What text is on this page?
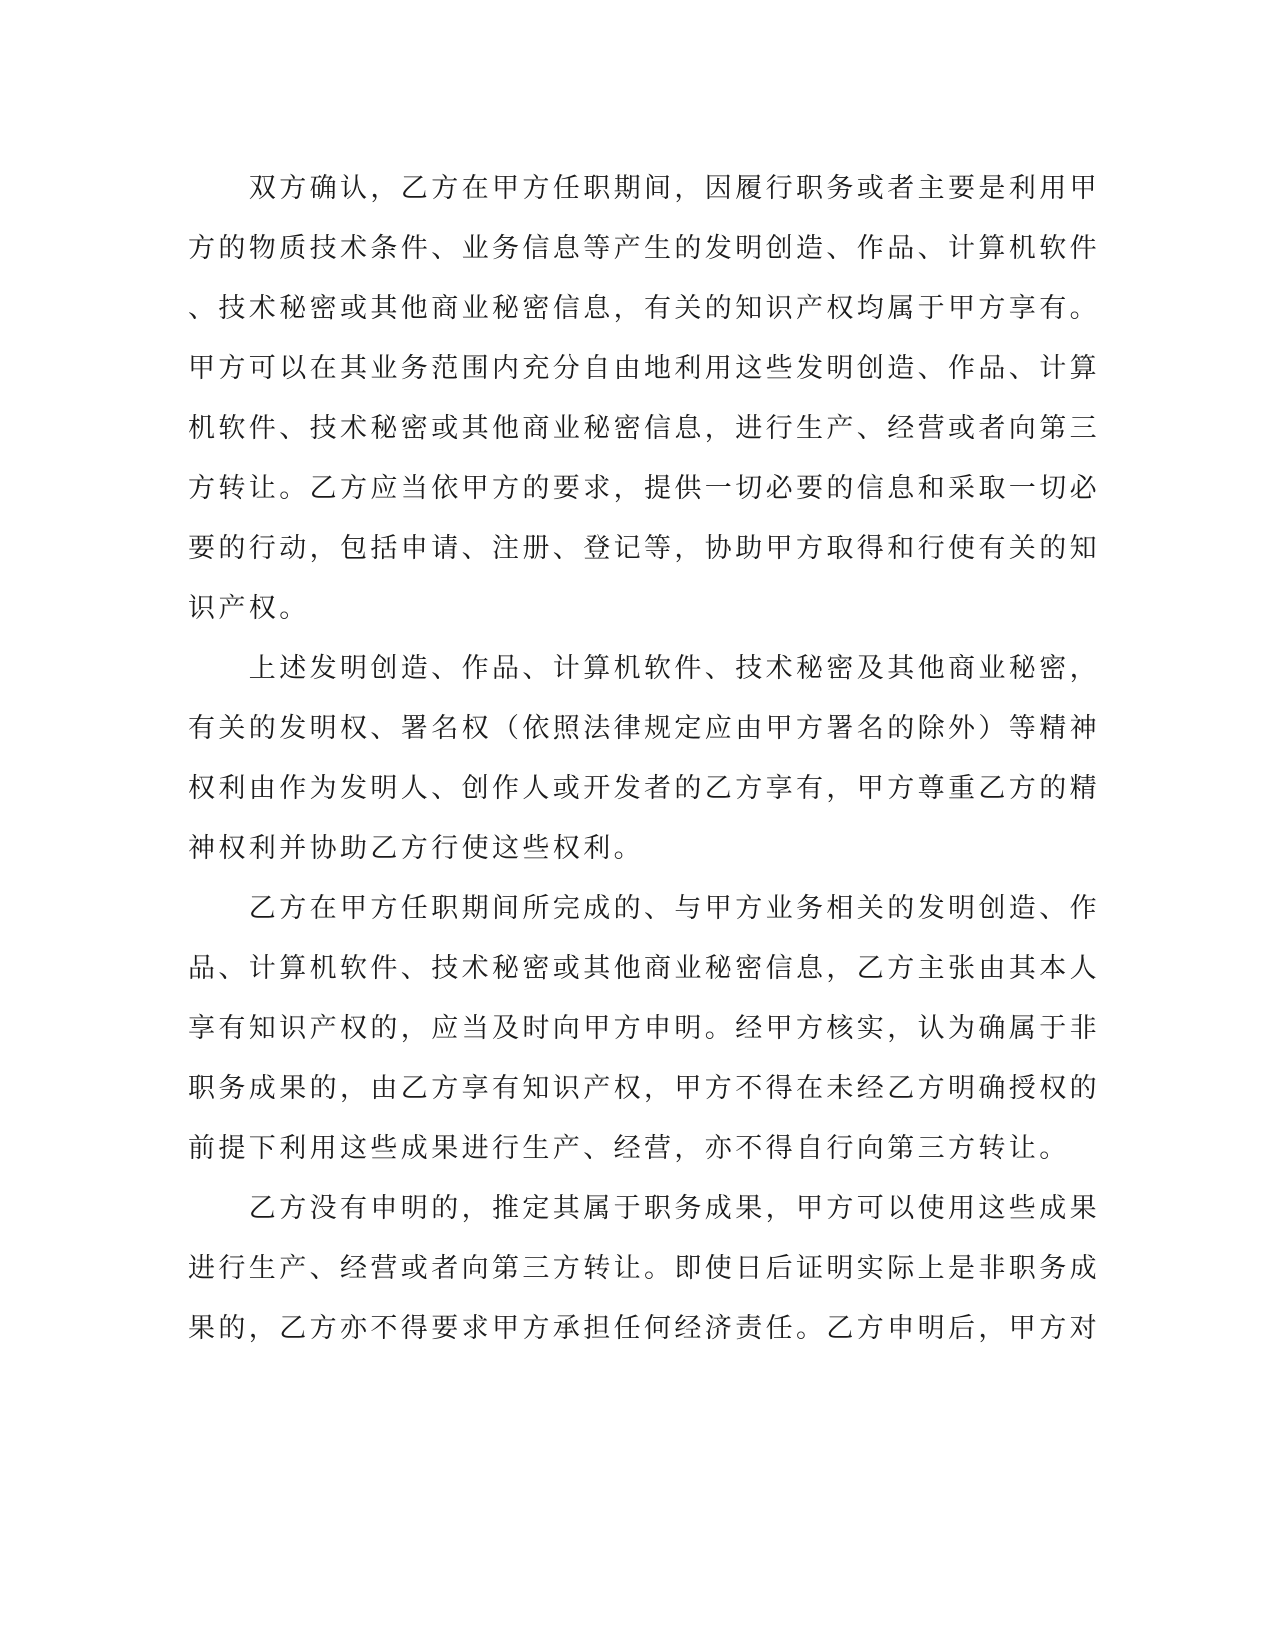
　　双方确认，乙方在甲方任职期间，因履行职务或者主要是利用甲
方的物质技术条件、业务信息等产生的发明创造、作品、计算机软件
、技术秘密或其他商业秘密信息，有关的知识产权均属于甲方享有。
甲方可以在其业务范围内充分自由地利用这些发明创造、作品、计算
机软件、技术秘密或其他商业秘密信息，进行生产、经营或者向第三
方转让。乙方应当依甲方的要求，提供一切必要的信息和采取一切必
要的行动，包括申请、注册、登记等，协助甲方取得和行使有关的知
识产权。

　　上述发明创造、作品、计算机软件、技术秘密及其他商业秘密，
有关的发明权、署名权（依照法律规定应由甲方署名的除外）等精神
权利由作为发明人、创作人或开发者的乙方享有，甲方尊重乙方的精
神权利并协助乙方行使这些权利。

　　乙方在甲方任职期间所完成的、与甲方业务相关的发明创造、作
品、计算机软件、技术秘密或其他商业秘密信息，乙方主张由其本人
享有知识产权的，应当及时向甲方申明。经甲方核实，认为确属于非
职务成果的，由乙方享有知识产权，甲方不得在未经乙方明确授权的
前提下利用这些成果进行生产、经营，亦不得自行向第三方转让。

　　乙方没有申明的，推定其属于职务成果，甲方可以使用这些成果
进行生产、经营或者向第三方转让。即使日后证明实际上是非职务成
果的，乙方亦不得要求甲方承担任何经济责任。乙方申明后，甲方对
